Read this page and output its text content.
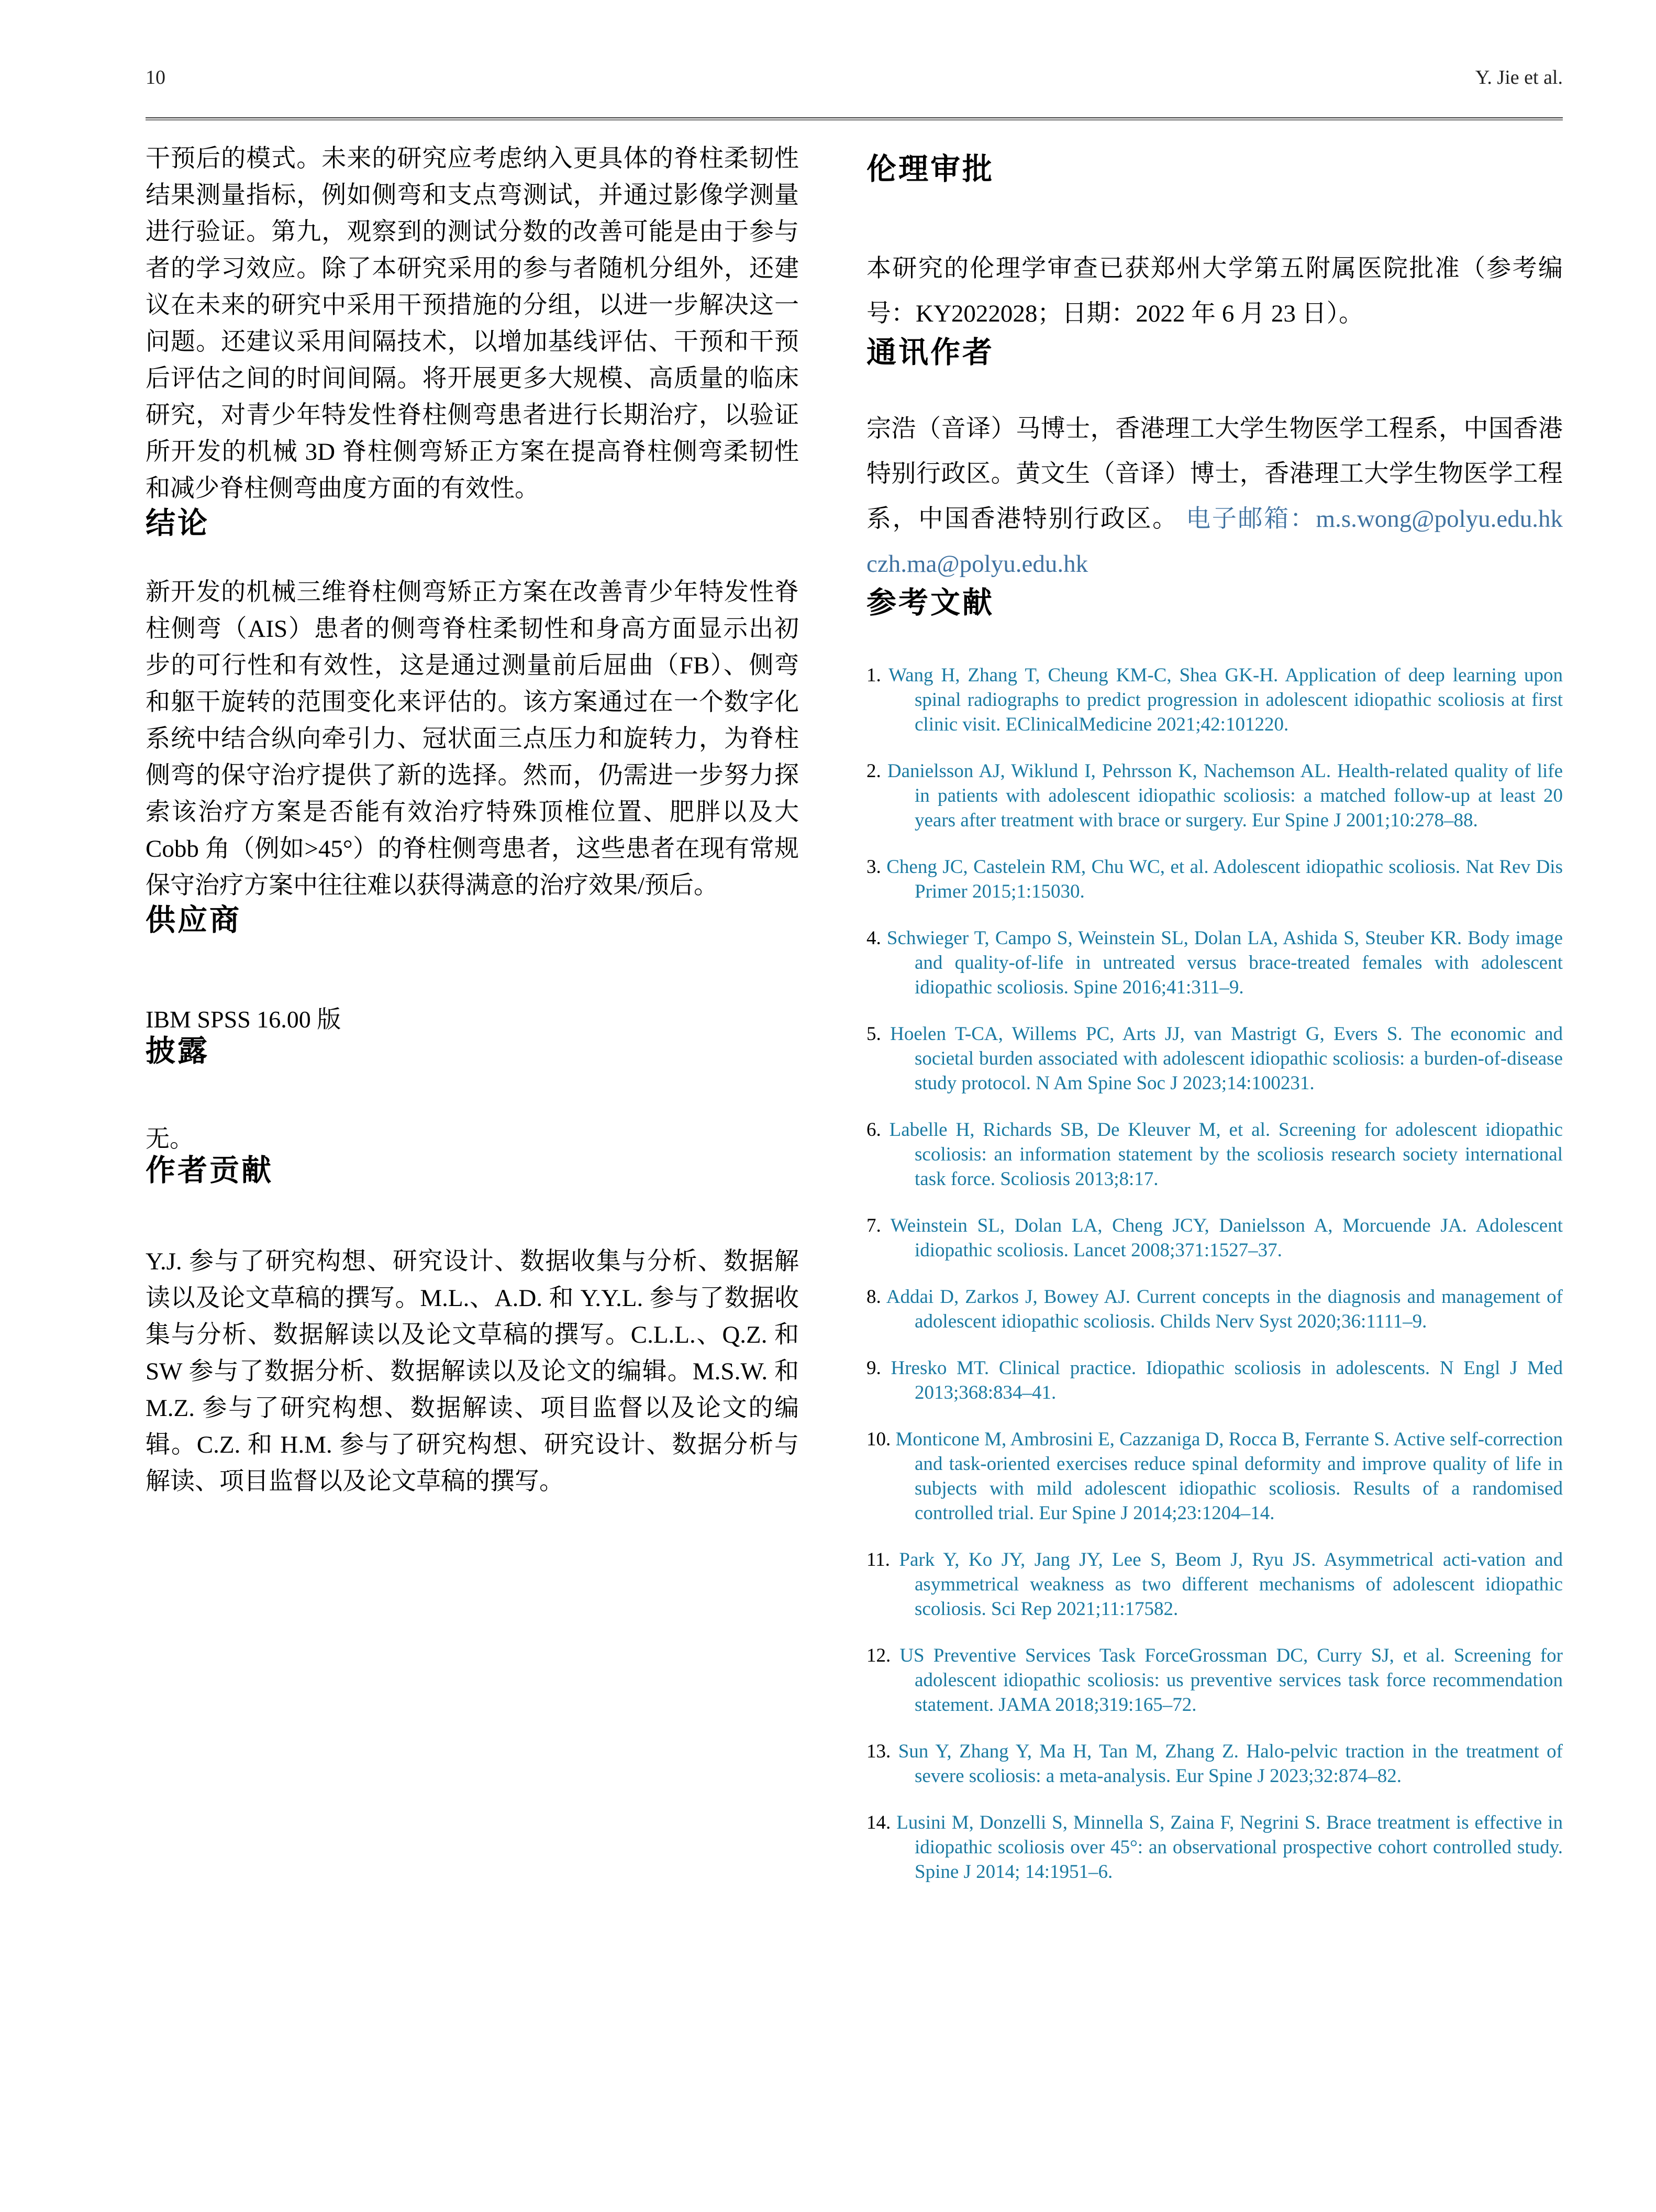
10	Y. Jie et al.

干预后的模式。未来的研究应考虑纳入更具体的脊柱柔韧性结果测量指标，例如侧弯和支点弯测试，并通过影像学测量进行验证。第九，观察到的测试分数的改善可能是由于参与者的学习效应。除了本研究采用的参与者随机分组外，还建议在未来的研究中采用干预措施的分组，以进一步解决这一问题。还建议采用间隔技术，以增加基线评估、干预和干预后评估之间的时间间隔。将开展更多大规模、高质量的临床研究，对青少年特发性脊柱侧弯患者进行长期治疗，以验证所开发的机械 3D 脊柱侧弯矫正方案在提高脊柱侧弯柔韧性和减少脊柱侧弯曲度方面的有效性。

结论

新开发的机械三维脊柱侧弯矫正方案在改善青少年特发性脊柱侧弯（AIS）患者的侧弯脊柱柔韧性和身高方面显示出初步的可行性和有效性，这是通过测量前后屈曲（FB）、侧弯和躯干旋转的范围变化来评估的。该方案通过在一个数字化系统中结合纵向牵引力、冠状面三点压力和旋转力，为脊柱侧弯的保守治疗提供了新的选择。然而，仍需进一步努力探索该治疗方案是否能有效治疗特殊顶椎位置、肥胖以及大 Cobb 角（例如>45°）的脊柱侧弯患者，这些患者在现有常规保守治疗方案中往往难以获得满意的治疗效果/预后。

供应商

IBM SPSS 16.00 版

披露

无。

作者贡献

Y.J. 参与了研究构想、研究设计、数据收集与分析、数据解读以及论文草稿的撰写。M.L.、A.D. 和 Y.Y.L. 参与了数据收集与分析、数据解读以及论文草稿的撰写。C.L.L.、Q.Z. 和 SW 参与了数据分析、数据解读以及论文的编辑。M.S.W. 和 M.Z. 参与了研究构想、数据解读、项目监督以及论文的编辑。C.Z. 和 H.M. 参与了研究构想、研究设计、数据分析与解读、项目监督以及论文草稿的撰写。

伦理审批

本研究的伦理学审查已获郑州大学第五附属医院批准（参考编号：KY2022028；日期：2022 年 6 月 23 日）。

通讯作者

宗浩（音译）马博士，香港理工大学生物医学工程系，中国香港特别行政区。黄文生（音译）博士，香港理工大学生物医学工程系，中国香港特别行政区。 电子邮箱：m.s.wong@polyu.edu.hk czh.ma@polyu.edu.hk

参考文献
1. Wang H, Zhang T, Cheung KM-C, Shea GK-H. Application of deep learning upon spinal radiographs to predict progression in adolescent idiopathic scoliosis at first clinic visit. EClinicalMedicine 2021;42:101220.
2. Danielsson AJ, Wiklund I, Pehrsson K, Nachemson AL. Health-related quality of life in patients with adolescent idiopathic scoliosis: a matched follow-up at least 20 years after treatment with brace or surgery. Eur Spine J 2001;10:278–88.
3. Cheng JC, Castelein RM, Chu WC, et al. Adolescent idiopathic scoliosis. Nat Rev Dis Primer 2015;1:15030.
4. Schwieger T, Campo S, Weinstein SL, Dolan LA, Ashida S, Steuber KR. Body image and quality-of-life in untreated versus brace-treated females with adolescent idiopathic scoliosis. Spine 2016;41:311–9.
5. Hoelen T-CA, Willems PC, Arts JJ, van Mastrigt G, Evers S. The economic and societal burden associated with adolescent idiopathic scoliosis: a burden-of-disease study protocol. N Am Spine Soc J 2023;14:100231.
6. Labelle H, Richards SB, De Kleuver M, et al. Screening for adolescent idiopathic scoliosis: an information statement by the scoliosis research society international task force. Scoliosis 2013;8:17.
7. Weinstein SL, Dolan LA, Cheng JCY, Danielsson A, Morcuende JA. Adolescent idiopathic scoliosis. Lancet 2008;371:1527–37.
8. Addai D, Zarkos J, Bowey AJ. Current concepts in the diagnosis and management of adolescent idiopathic scoliosis. Childs Nerv Syst 2020;36:1111–9.
9. Hresko MT. Clinical practice. Idiopathic scoliosis in adolescents. N Engl J Med 2013;368:834–41.
10. Monticone M, Ambrosini E, Cazzaniga D, Rocca B, Ferrante S. Active self-correction and task-oriented exercises reduce spinal deformity and improve quality of life in subjects with mild adolescent idiopathic scoliosis. Results of a randomised controlled trial. Eur Spine J 2014;23:1204–14.
11. Park Y, Ko JY, Jang JY, Lee S, Beom J, Ryu JS. Asymmetrical acti-vation and asymmetrical weakness as two different mechanisms of adolescent idiopathic scoliosis. Sci Rep 2021;11:17582.
12. US Preventive Services Task ForceGrossman DC, Curry SJ, et al. Screening for adolescent idiopathic scoliosis: us preventive services task force recommendation statement. JAMA 2018;319:165–72.
13. Sun Y, Zhang Y, Ma H, Tan M, Zhang Z. Halo-pelvic traction in the treatment of severe scoliosis: a meta-analysis. Eur Spine J 2023;32:874–82.
14. Lusini M, Donzelli S, Minnella S, Zaina F, Negrini S. Brace treatment is effective in idiopathic scoliosis over 45°: an observational prospective cohort controlled study. Spine J 2014; 14:1951–6.
